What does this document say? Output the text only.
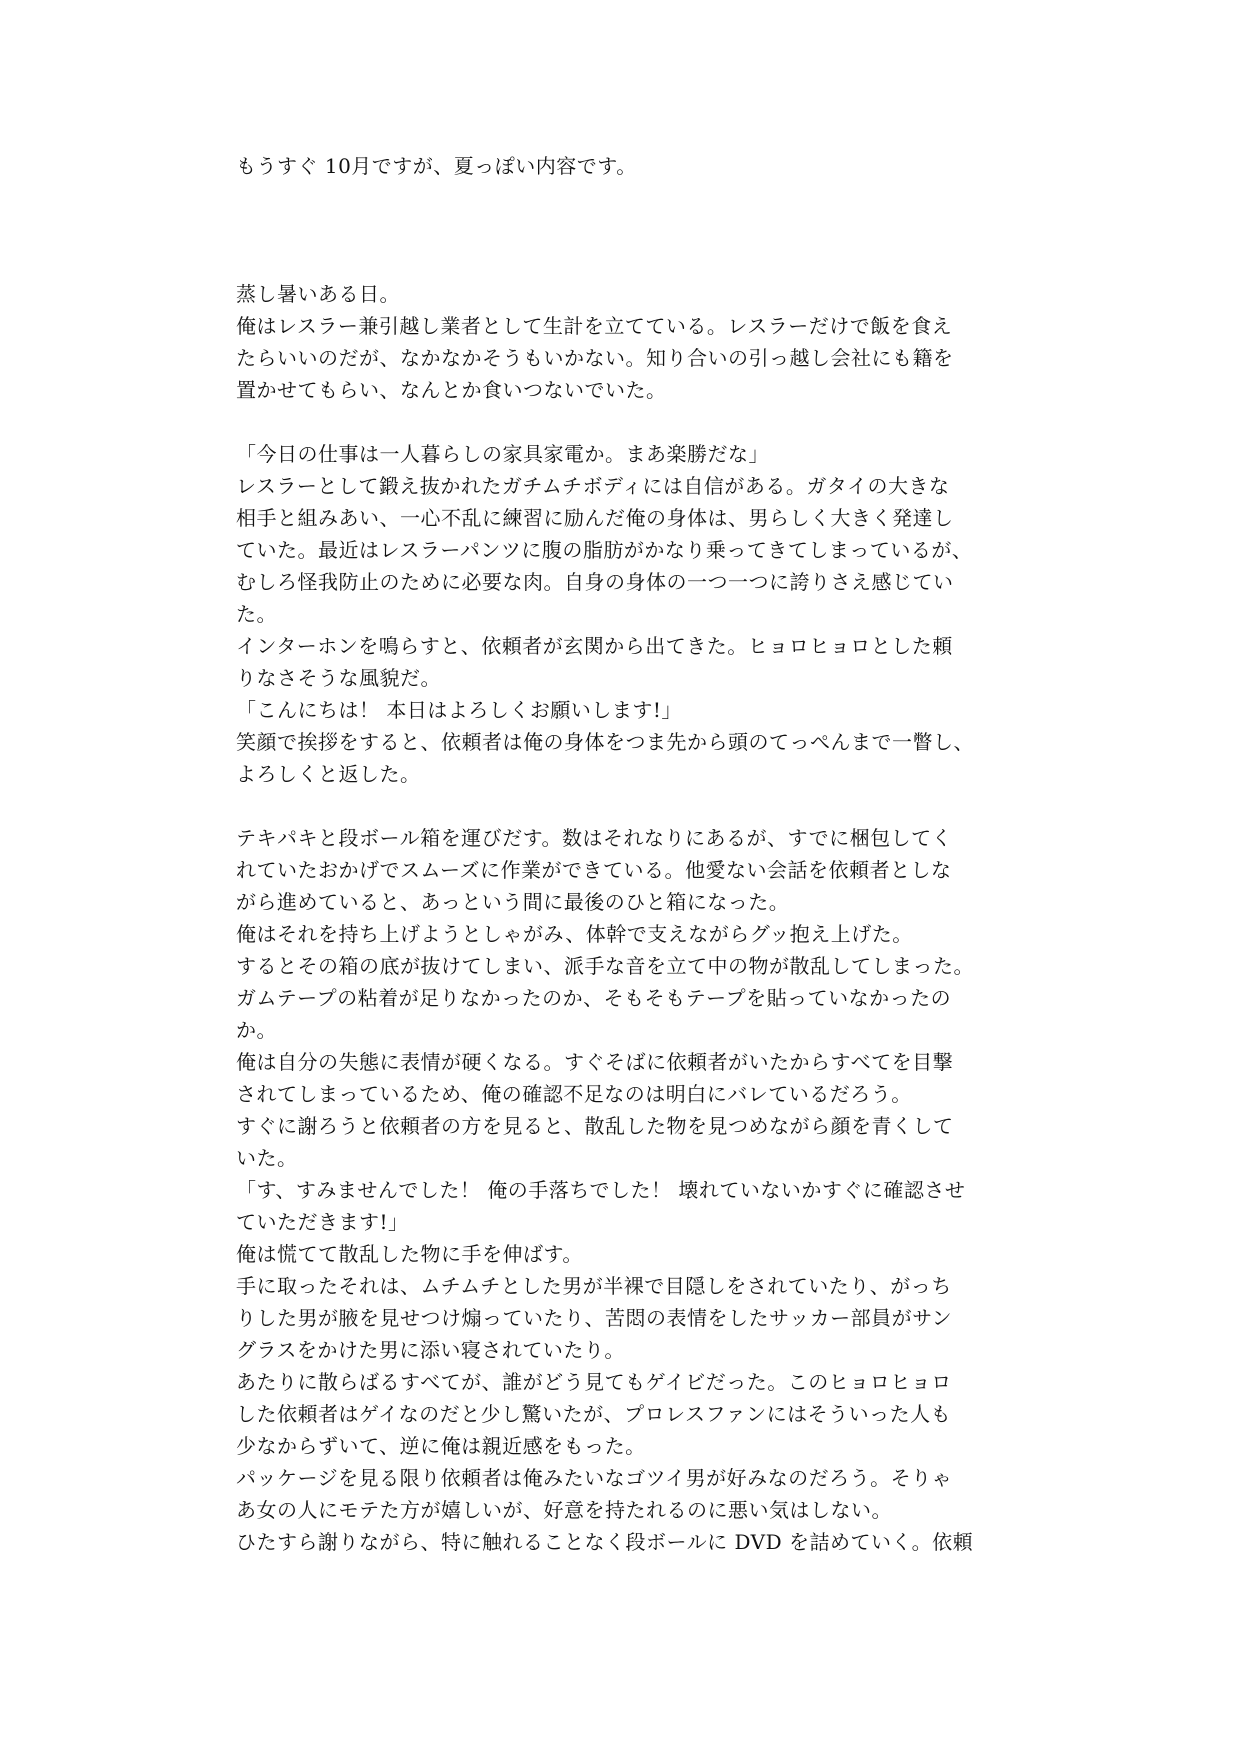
もうすぐ 10月ですが、夏っぽい内容です。
蒸し暑いある日。
俺はレスラー兼引越し業者として生計を立てている。レスラーだけで飯を食え
たらいいのだが、なかなかそうもいかない。知り合いの引っ越し会社にも籍を
置かせてもらい、なんとか食いつないでいた。
「今日の仕事は一人暮らしの家具家電か。まあ楽勝だな」
レスラーとして鍛え抜かれたガチムチボディには自信がある。ガタイの大きな
相手と組みあい、一心不乱に練習に励んだ俺の身体は、男らしく大きく発達し
ていた。最近はレスラーパンツに腹の脂肪がかなり乗ってきてしまっているが、
むしろ怪我防止のために必要な肉。自身の身体の一つ一つに誇りさえ感じてい
た。
インターホンを鳴らすと、依頼者が玄関から出てきた。ヒョロヒョロとした頼
りなさそうな風貌だ。
「こんにちは！ 本日はよろしくお願いします!」
笑顔で挨拶をすると、依頼者は俺の身体をつま先から頭のてっぺんまで一瞥し、
よろしくと返した。
テキパキと段ボール箱を運びだす。数はそれなりにあるが、すでに梱包してく
れていたおかげでスムーズに作業ができている。他愛ない会話を依頼者としな
がら進めていると、あっという間に最後のひと箱になった。
俺はそれを持ち上げようとしゃがみ、体幹で支えながらグッ抱え上げた。
するとその箱の底が抜けてしまい、派手な音を立て中の物が散乱してしまった。
ガムテープの粘着が足りなかったのか、そもそもテープを貼っていなかったの
か。
俺は自分の失態に表情が硬くなる。すぐそばに依頼者がいたからすべてを目撃
されてしまっているため、俺の確認不足なのは明白にバレているだろう。
すぐに謝ろうと依頼者の方を見ると、散乱した物を見つめながら顔を青くして
いた。
「す、すみませんでした！ 俺の手落ちでした！ 壊れていないかすぐに確認させ
ていただきます!」
俺は慌てて散乱した物に手を伸ばす。
手に取ったそれは、ムチムチとした男が半裸で目隠しをされていたり、がっち
りした男が腋を見せつけ煽っていたり、苦悶の表情をしたサッカー部員がサン
グラスをかけた男に添い寝されていたり。
あたりに散らばるすべてが、誰がどう見てもゲイビだった。このヒョロヒョロ
した依頼者はゲイなのだと少し驚いたが、プロレスファンにはそういった人も
少なからずいて、逆に俺は親近感をもった。
パッケージを見る限り依頼者は俺みたいなゴツイ男が好みなのだろう。そりゃ
あ女の人にモテた方が嬉しいが、好意を持たれるのに悪い気はしない。
ひたすら謝りながら、特に触れることなく段ボールに DVD を詰めていく。依頼
